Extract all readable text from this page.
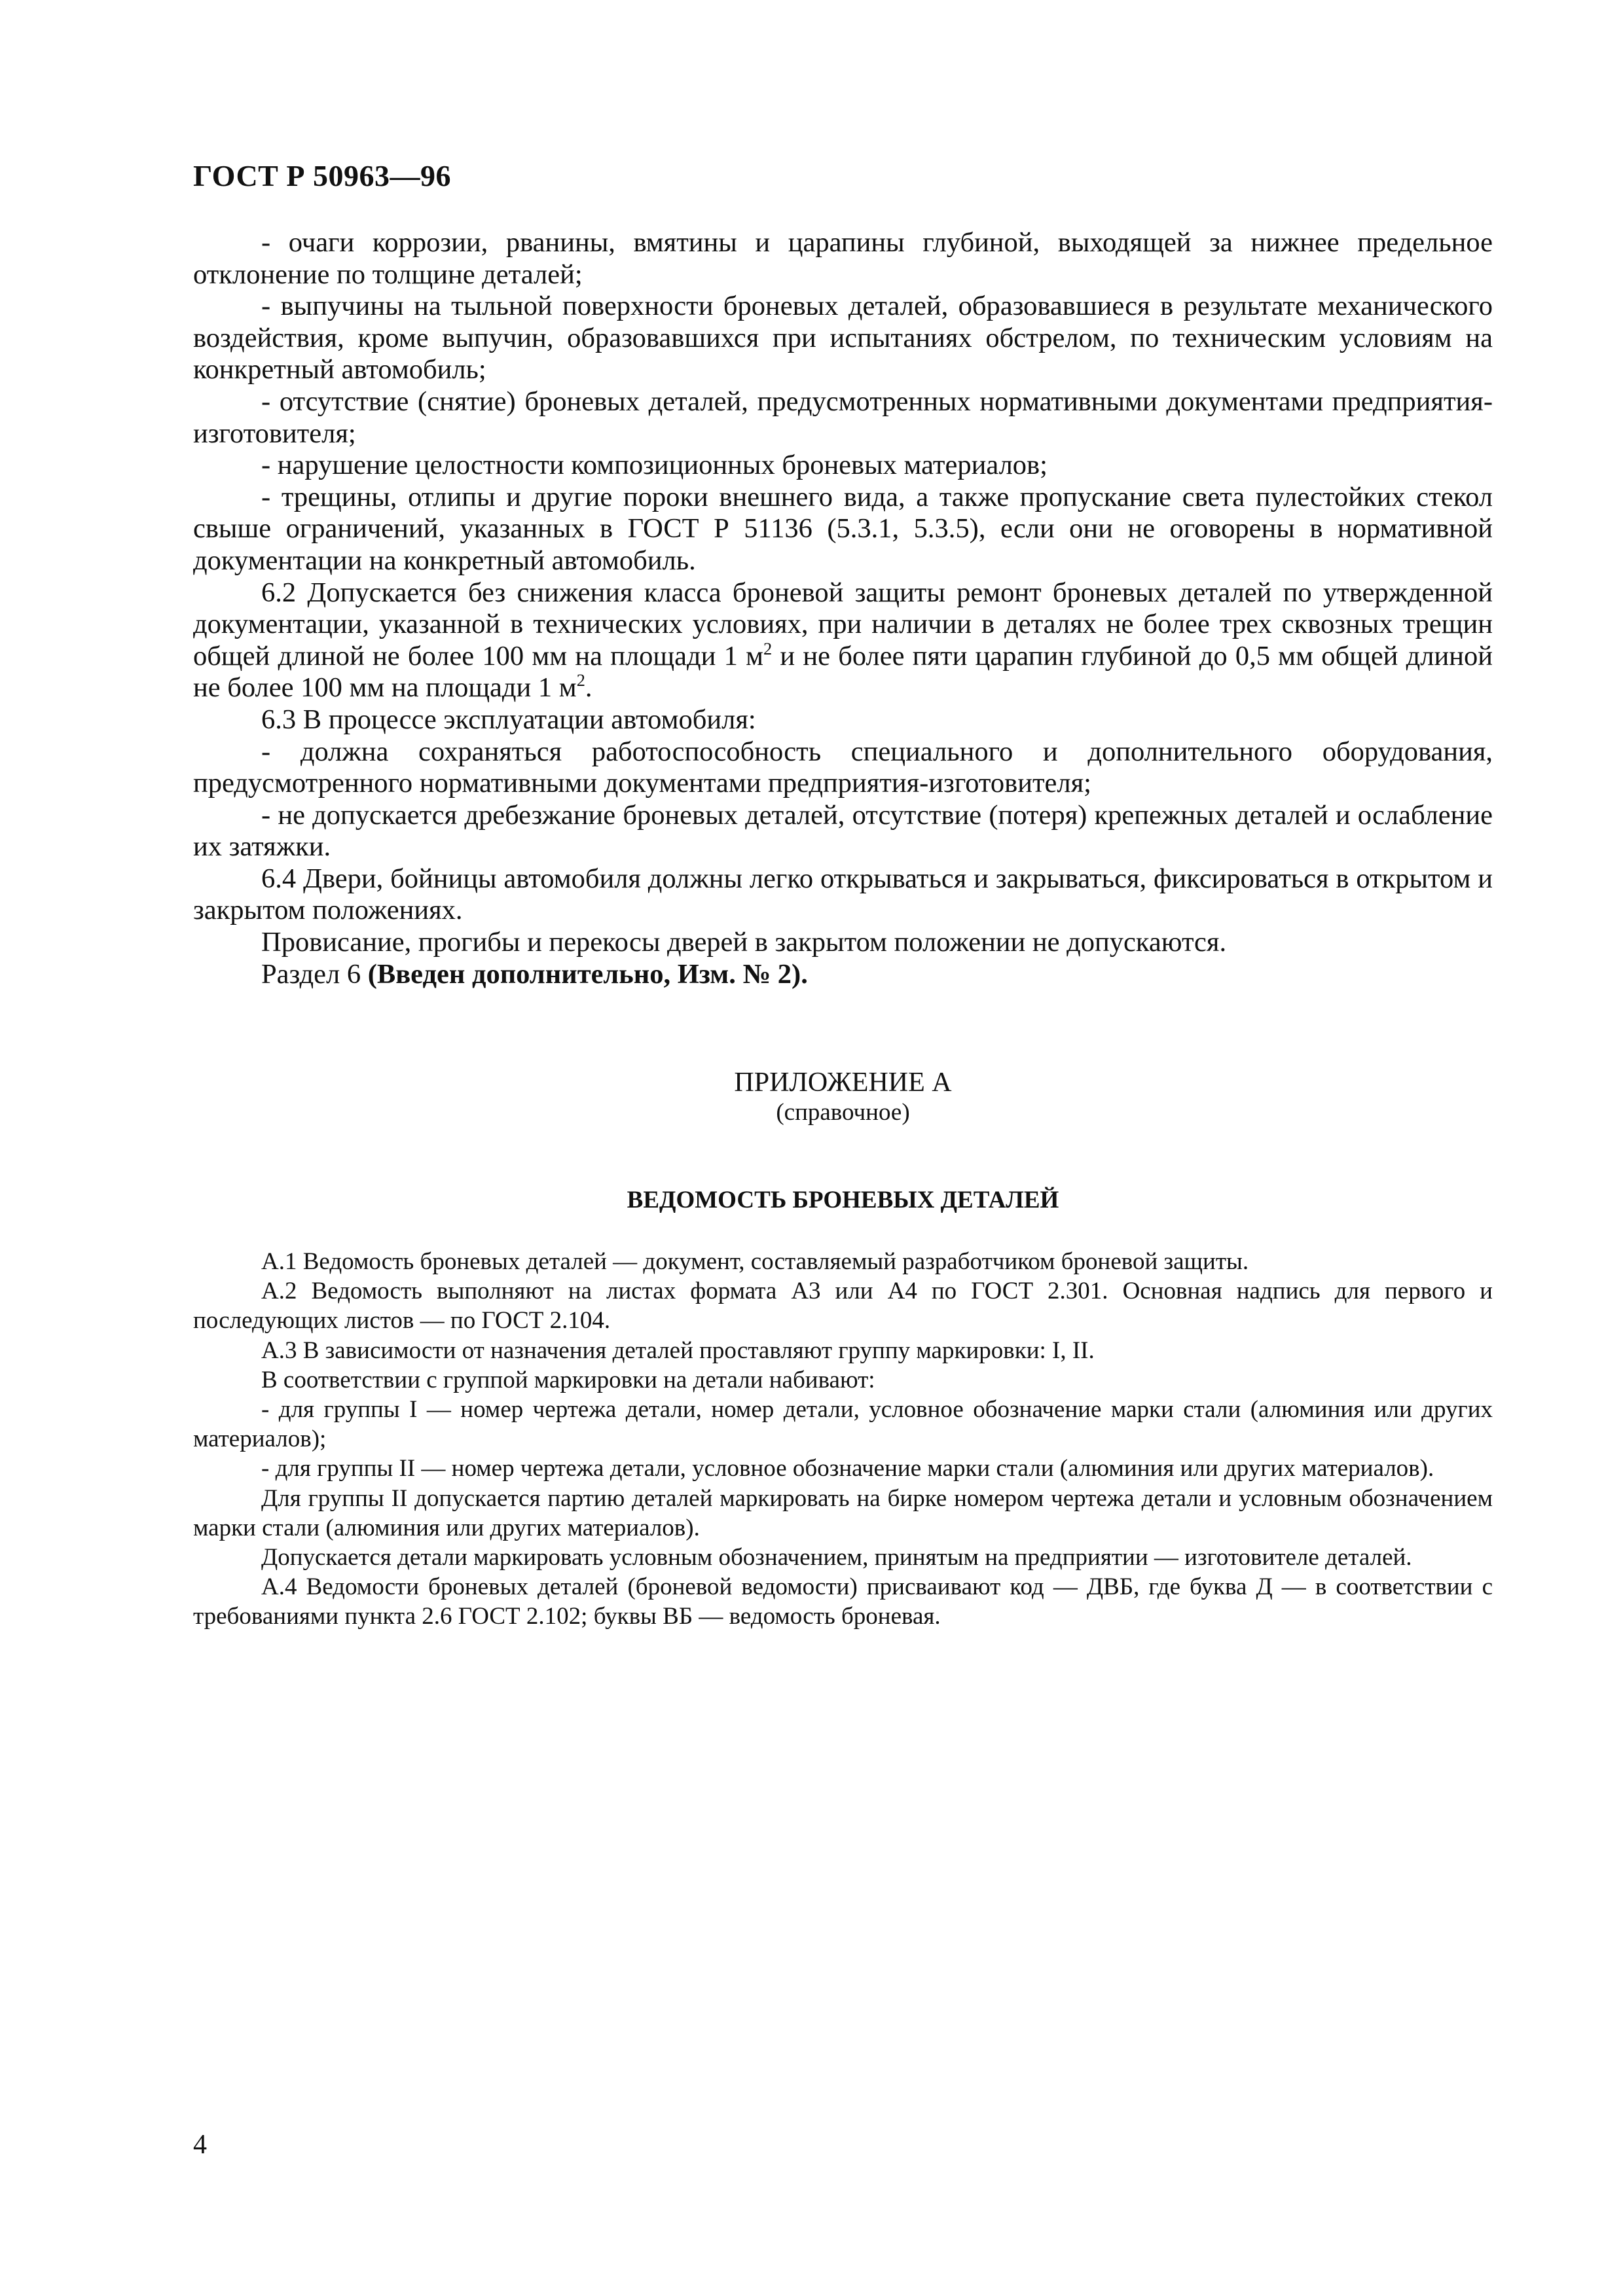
ГОСТ Р 50963—96

- очаги коррозии, рванины, вмятины и царапины глубиной, выходящей за нижнее предельное отклонение по толщине деталей;

- выпучины на тыльной поверхности броневых деталей, образовавшиеся в результате механического воздействия, кроме выпучин, образовавшихся при испытаниях обстрелом, по техническим условиям на конкретный автомобиль;

- отсутствие (снятие) броневых деталей, предусмотренных нормативными документами предприятия-изготовителя;

- нарушение целостности композиционных броневых материалов;

- трещины, отлипы и другие пороки внешнего вида, а также пропускание света пулестойких стекол свыше ограничений, указанных в ГОСТ Р 51136 (5.3.1, 5.3.5), если они не оговорены в нормативной документации на конкретный автомобиль.

6.2 Допускается без снижения класса броневой защиты ремонт броневых деталей по утвержденной документации, указанной в технических условиях, при наличии в деталях не более трех сквозных трещин общей длиной не более 100 мм на площади 1 $м^2$ и не более пяти царапин глубиной до 0,5 мм общей длиной не более 100 мм на площади 1 $м^2$.

6.3 В процессе эксплуатации автомобиля:

- должна сохраняться работоспособность специального и дополнительного оборудования, предусмотренного нормативными документами предприятия-изготовителя;

- не допускается дребезжание броневых деталей, отсутствие (потеря) крепежных деталей и ослабление их затяжки.

6.4 Двери, бойницы автомобиля должны легко открываться и закрываться, фиксироваться в открытом и закрытом положениях.

Провисание, прогибы и перекосы дверей в закрытом положении не допускаются.

Раздел 6 (Введен дополнительно, Изм. № 2).

ПРИЛОЖЕНИЕ А
(справочное)
ВЕДОМОСТЬ БРОНЕВЫХ ДЕТАЛЕЙ

А.1 Ведомость броневых деталей — документ, составляемый разработчиком броневой защиты.

А.2 Ведомость выполняют на листах формата А3 или А4 по ГОСТ 2.301. Основная надпись для первого и последующих листов — по ГОСТ 2.104.

А.3 В зависимости от назначения деталей проставляют группу маркировки: I, II.

В соответствии с группой маркировки на детали набивают:

- для группы I — номер чертежа детали, номер детали, условное обозначение марки стали (алюминия или других материалов);

- для группы II — номер чертежа детали, условное обозначение марки стали (алюминия или других материалов).

Для группы II допускается партию деталей маркировать на бирке номером чертежа детали и условным обозначением марки стали (алюминия или других материалов).

Допускается детали маркировать условным обозначением, принятым на предприятии — изготовителе деталей.

А.4 Ведомости броневых деталей (броневой ведомости) присваивают код — ДВБ, где буква Д — в соответствии с требованиями пункта 2.6 ГОСТ 2.102; буквы ВБ — ведомость броневая.

4
